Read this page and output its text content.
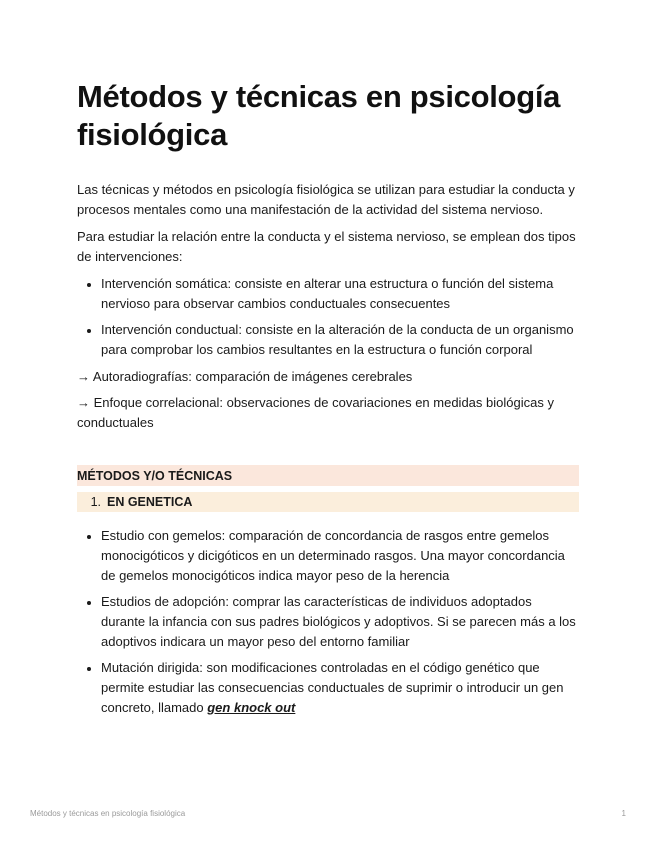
Métodos y técnicas en psicología fisiológica

Las técnicas y métodos en psicología fisiológica se utilizan para estudiar la conducta y procesos mentales como una manifestación de la actividad del sistema nervioso.

Para estudiar la relación entre la conducta y el sistema nervioso, se emplean dos tipos de intervenciones:

• Intervención somática: consiste en alterar una estructura o función del sistema nervioso para observar cambios conductuales consecuentes
• Intervención conductual: consiste en la alteración de la conducta de un organismo para comprobar los cambios resultantes en la estructura o función corporal

→ Autoradiografías: comparación de imágenes cerebrales

→ Enfoque correlacional: observaciones de covariaciones en medidas biológicas y conductuales

MÉTODOS Y/O TÉCNICAS
1. EN GENETICA
• Estudio con gemelos: comparación de concordancia de rasgos entre gemelos monocigóticos y dicigóticos en un determinado rasgos. Una mayor concordancia de gemelos monocigóticos indica mayor peso de la herencia
• Estudios de adopción: comprar las características de individuos adoptados durante la infancia con sus padres biológicos y adoptivos. Si se parecen más a los adoptivos indicara un mayor peso del entorno familiar
• Mutación dirigida: son modificaciones controladas en el código genético que permite estudiar las consecuencias conductuales de suprimir o introducir un gen concreto, llamado gen knock out
Métodos y técnicas en psicología fisiológica	1
